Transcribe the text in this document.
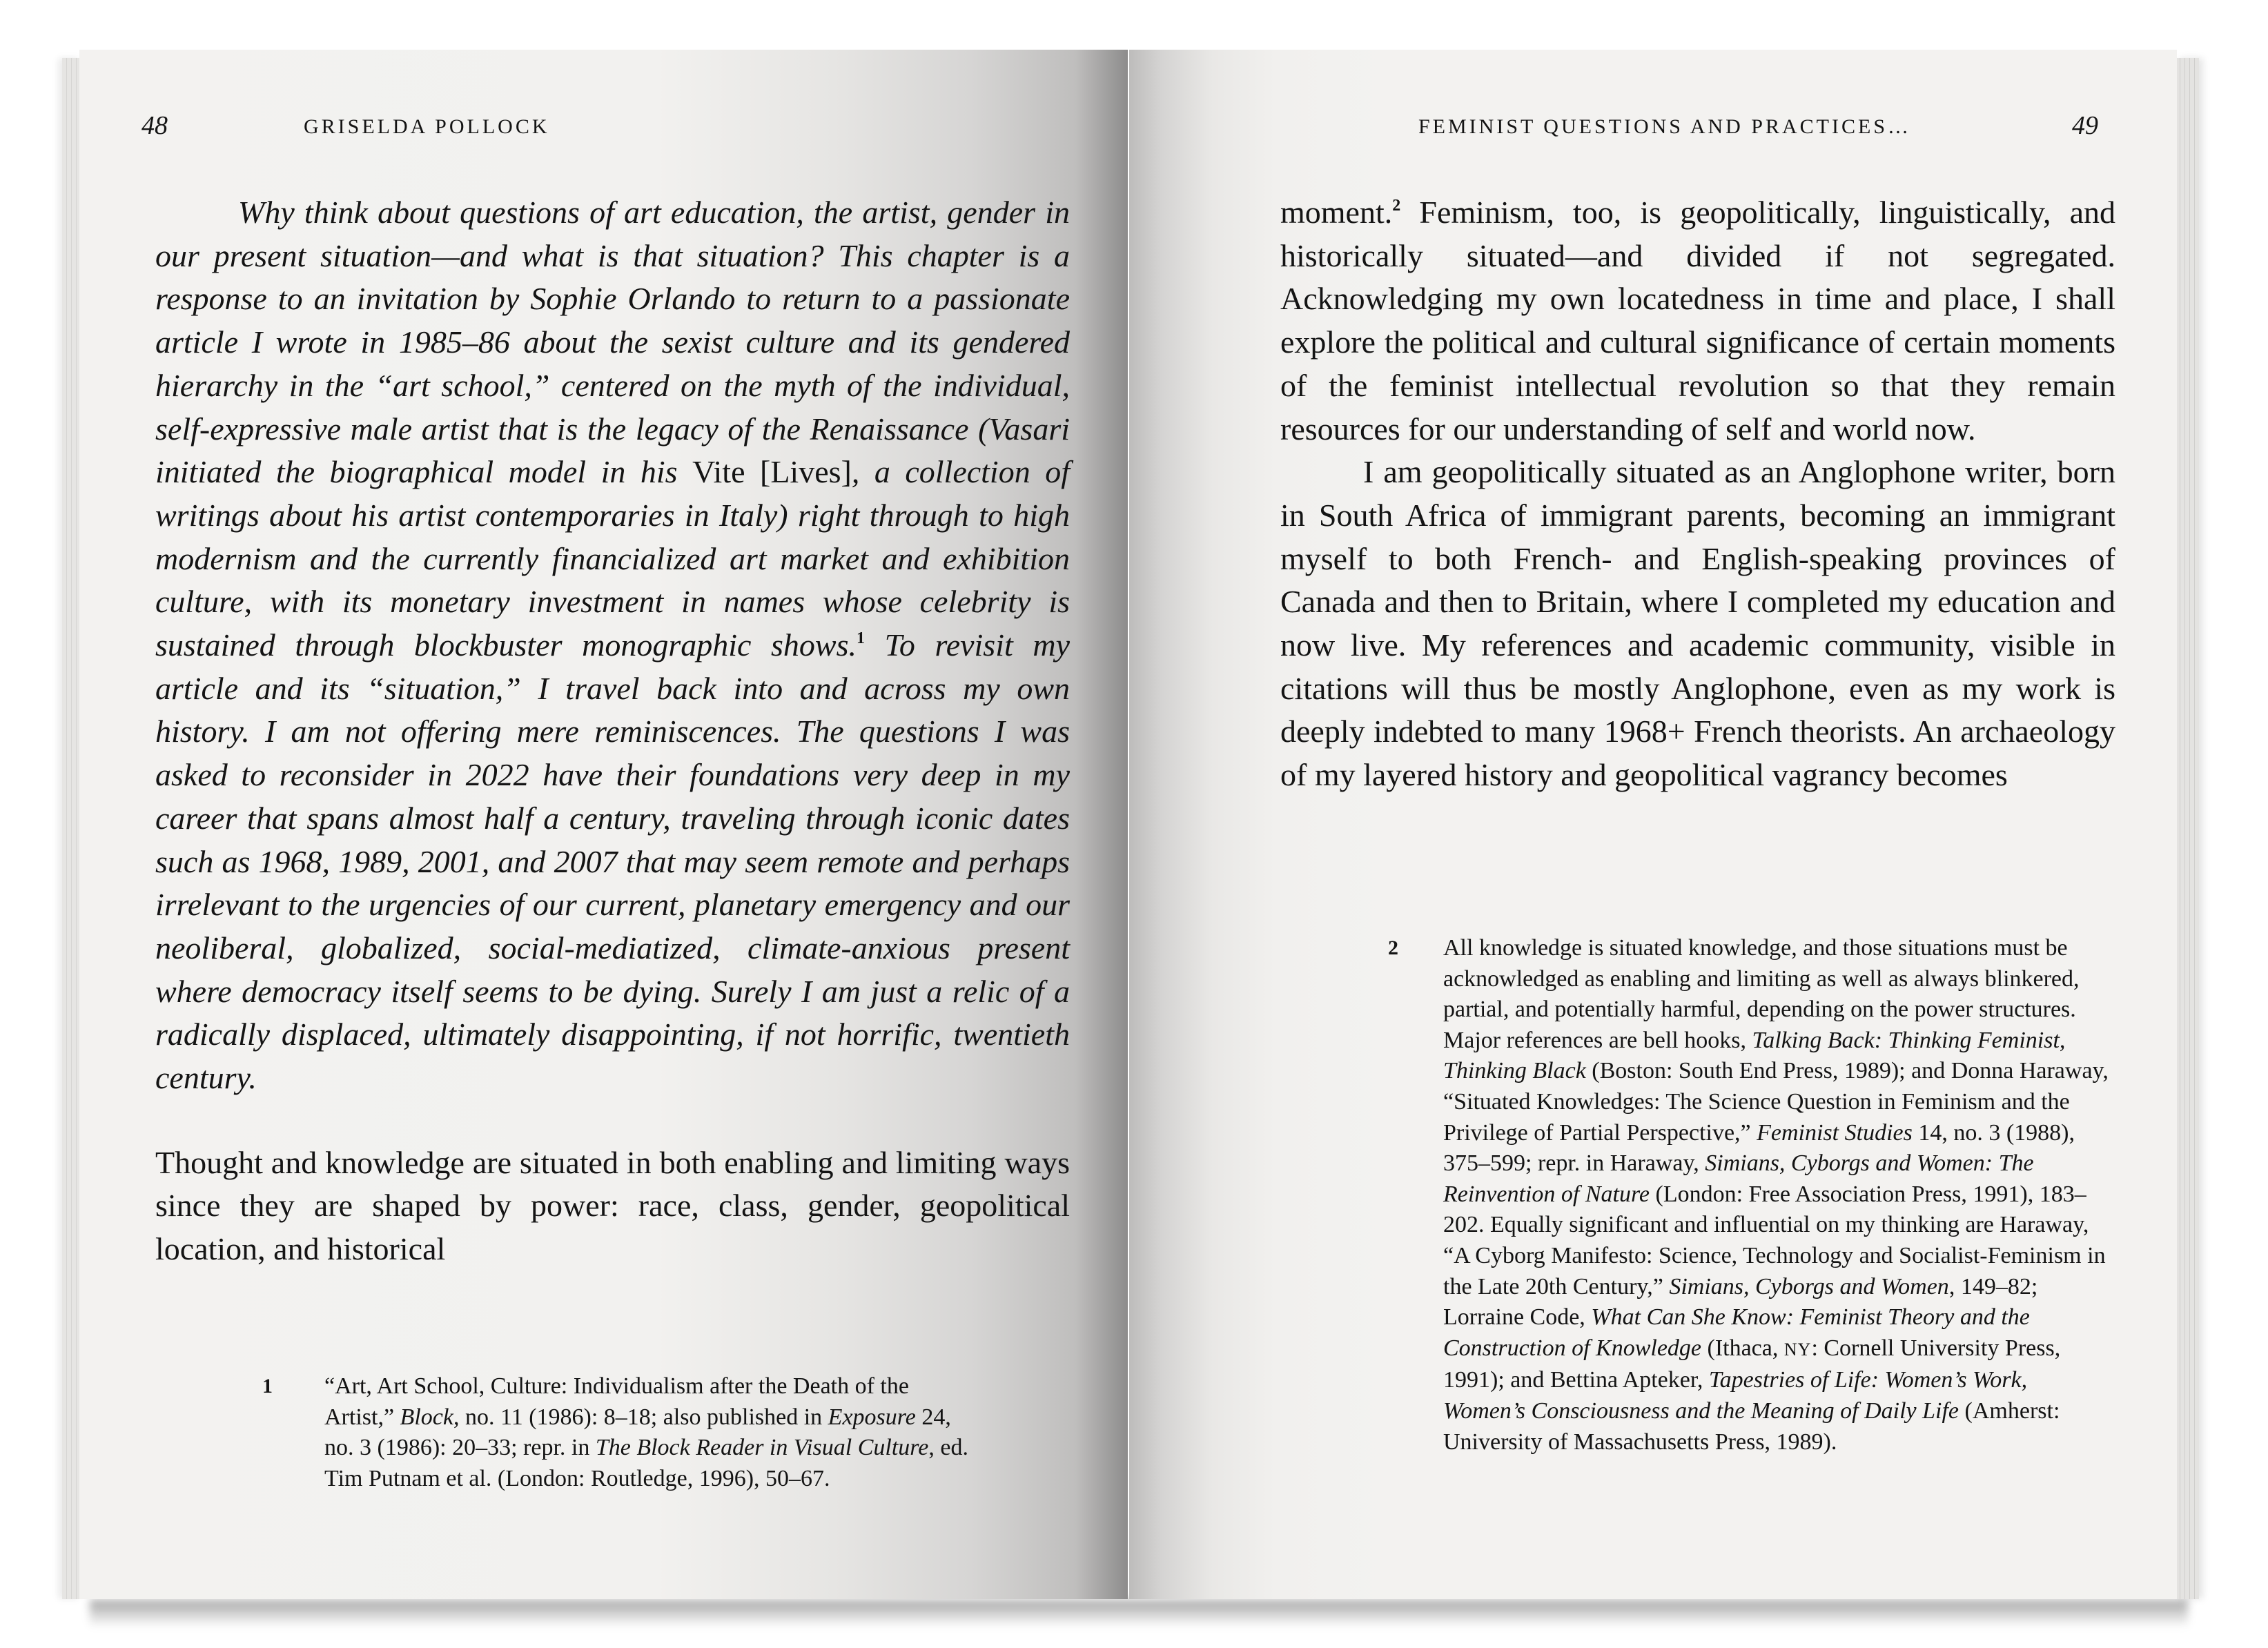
48	GRISELDA POLLOCK

Why think about questions of art education, the artist, gender in our present situation—and what is that situation? This chapter is a response to an invitation by Sophie Orlando to return to a passionate article I wrote in 1985–86 about the sexist culture and its gendered hierarchy in the “art school,” centered on the myth of the individual, self-expressive male artist that is the legacy of the Renaissance (Vasari initiated the biographical model in his Vite [Lives], a collection of writings about his artist contemporaries in Italy) right through to high modernism and the currently financialized art market and exhibition culture, with its monetary investment in names whose celebrity is sustained through blockbuster monographic shows.$^1$ To revisit my article and its “situation,” I travel back into and across my own history. I am not offering mere reminiscences. The questions I was asked to reconsider in 2022 have their foundations very deep in my career that spans almost half a century, traveling through iconic dates such as 1968, 1989, 2001, and 2007 that may seem remote and perhaps irrelevant to the urgencies of our current, planetary emergency and our neoliberal, globalized, social-mediatized, climate-anxious present where democracy itself seems to be dying. Surely I am just a relic of a radically displaced, ultimately disappointing, if not horrific, twentieth century.

Thought and knowledge are situated in both enabling and limiting ways since they are shaped by power: race, class, gender, geopolitical location, and historical

1 “Art, Art School, Culture: Individualism after the Death of the Artist,” Block, no. 11 (1986): 8–18; also published in Exposure 24, no. 3 (1986): 20–33; repr. in The Block Reader in Visual Culture, ed. Tim Putnam et al. (London: Routledge, 1996), 50–67.
FEMINIST QUESTIONS AND PRACTICES…	49

moment.$^2$ Feminism, too, is geopolitically, linguistically, and historically situated—and divided if not segregated. Acknowledging my own locatedness in time and place, I shall explore the political and cultural significance of certain moments of the feminist intellectual revolution so that they remain resources for our understanding of self and world now.

I am geopolitically situated as an Anglophone writer, born in South Africa of immigrant parents, becoming an immigrant myself to both French- and English-speaking provinces of Canada and then to Britain, where I completed my education and now live. My references and academic community, visible in citations will thus be mostly Anglophone, even as my work is deeply indebted to many 1968+ French theorists. An archaeology of my layered history and geopolitical vagrancy becomes

2 All knowledge is situated knowledge, and those situations must be acknowledged as enabling and limiting as well as always blinkered, partial, and potentially harmful, depending on the power structures. Major references are bell hooks, Talking Back: Thinking Feminist, Thinking Black (Boston: South End Press, 1989); and Donna Haraway, “Situated Knowledges: The Science Question in Feminism and the Privilege of Partial Perspective,” Feminist Studies 14, no. 3 (1988), 375–599; repr. in Haraway, Simians, Cyborgs and Women: The Reinvention of Nature (London: Free Association Press, 1991), 183–202. Equally significant and influential on my thinking are Haraway, “A Cyborg Manifesto: Science, Technology and Socialist-Feminism in the Late 20th Century,” Simians, Cyborgs and Women, 149–82; Lorraine Code, What Can She Know: Feminist Theory and the Construction of Knowledge (Ithaca, NY: Cornell University Press, 1991); and Bettina Apteker, Tapestries of Life: Women’s Work, Women’s Consciousness and the Meaning of Daily Life (Amherst: University of Massachusetts Press, 1989).
